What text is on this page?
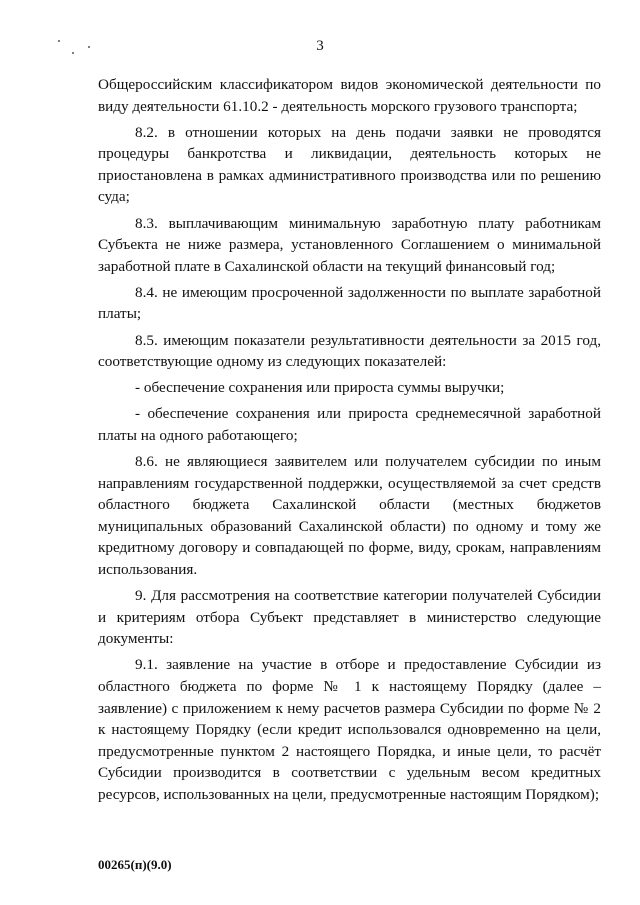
3

Общероссийским классификатором видов экономической деятельности по виду деятельности 61.10.2 - деятельность морского грузового транспорта;

8.2. в отношении которых на день подачи заявки не проводятся процедуры банкротства и ликвидации, деятельность которых не приостановлена в рамках административного производства или по решению суда;

8.3. выплачивающим минимальную заработную плату работникам Субъекта не ниже размера, установленного Соглашением о минимальной заработной плате в Сахалинской области на текущий финансовый год;

8.4. не имеющим просроченной задолженности по выплате заработной платы;

8.5. имеющим показатели результативности деятельности за 2015 год, соответствующие одному из следующих показателей:

- обеспечение сохранения или прироста суммы выручки;

- обеспечение сохранения или прироста среднемесячной заработной платы на одного работающего;

8.6. не являющиеся заявителем или получателем субсидии по иным направлениям государственной поддержки, осуществляемой за счет средств областного бюджета Сахалинской области (местных бюджетов муниципальных образований Сахалинской области) по одному и тому же кредитному договору и совпадающей по форме, виду, срокам, направлениям использования.

9. Для рассмотрения на соответствие категории получателей Субсидии и критериям отбора Субъект представляет в министерство следующие документы:

9.1. заявление на участие в отборе и предоставление Субсидии из областного бюджета по форме № 1 к настоящему Порядку (далее – заявление) с приложением к нему расчетов размера Субсидии по форме № 2 к настоящему Порядку (если кредит использовался одновременно на цели, предусмотренные пунктом 2 настоящего Порядка, и иные цели, то расчёт Субсидии производится в соответствии с удельным весом кредитных ресурсов, использованных на цели, предусмотренные настоящим Порядком);

00265(п)(9.0)
